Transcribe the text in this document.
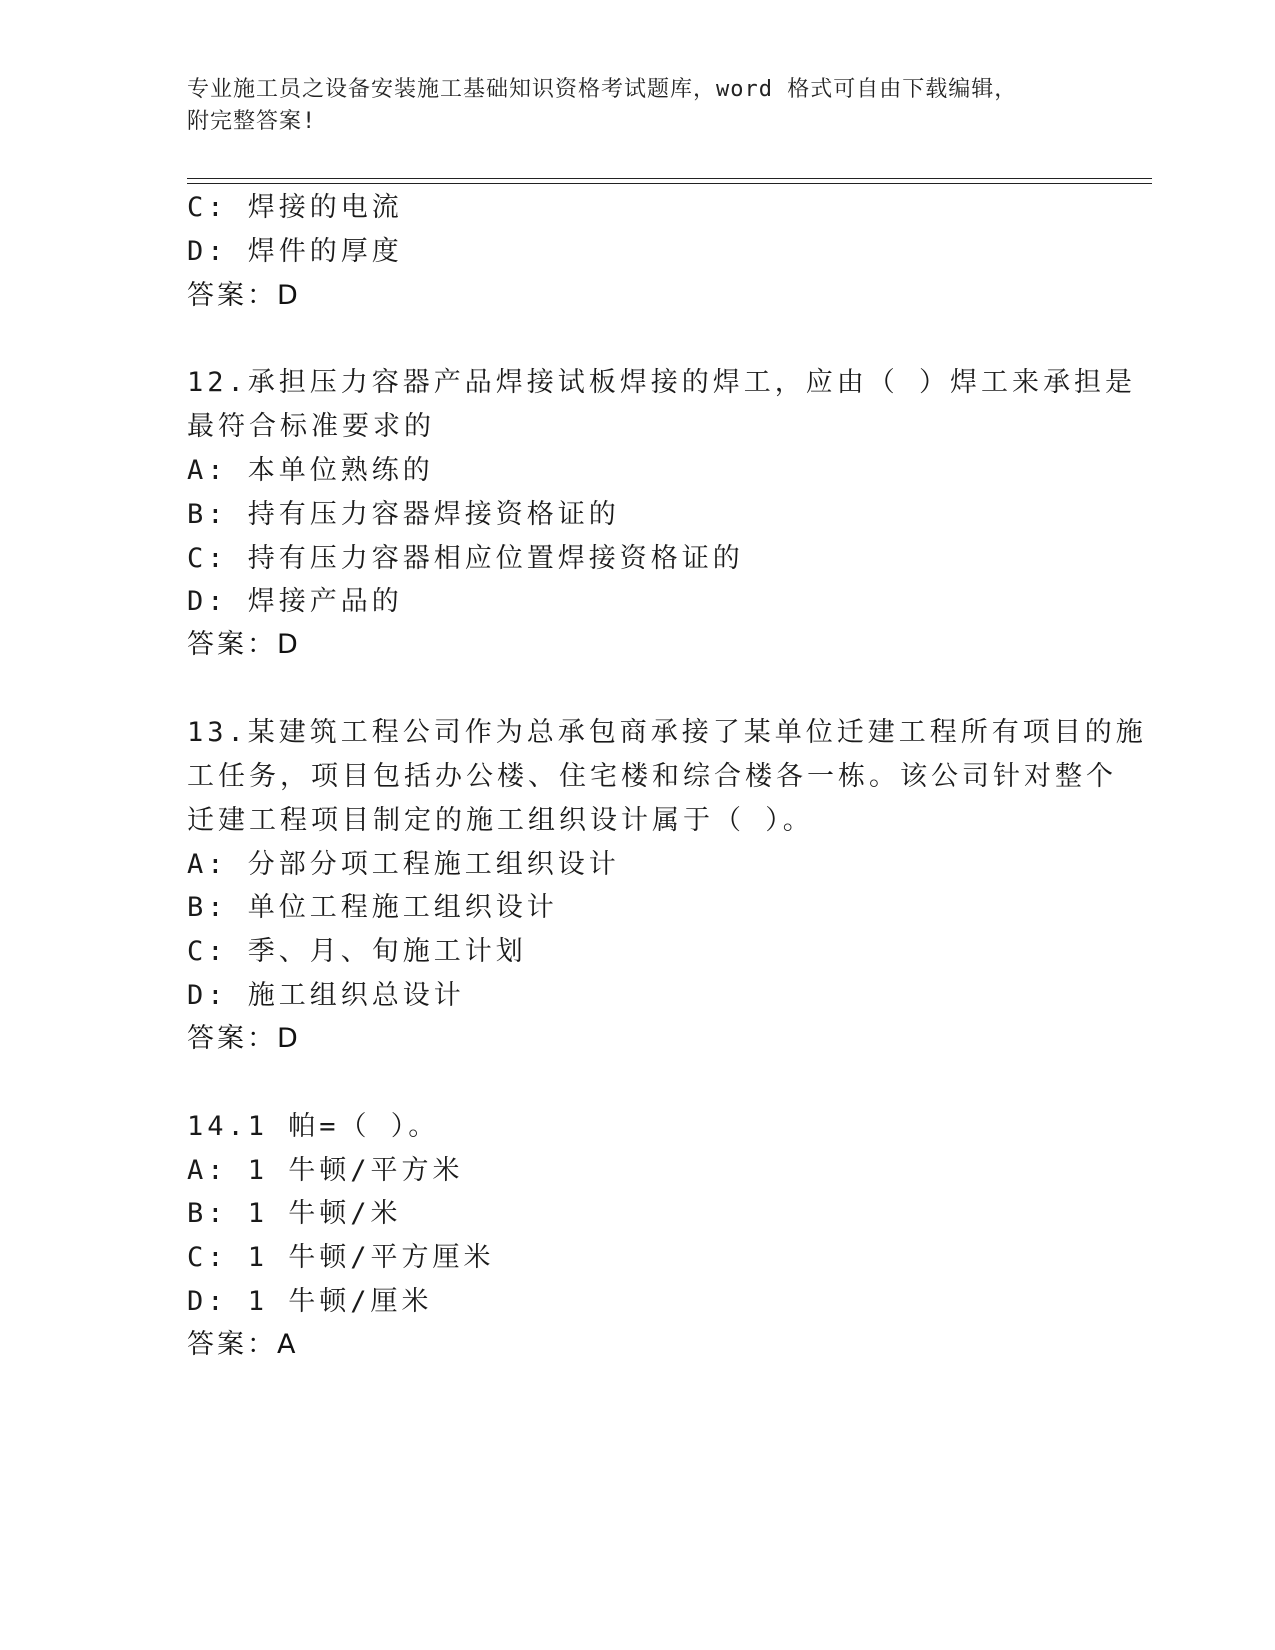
专业施工员之设备安装施工基础知识资格考试题库，word 格式可自由下载编辑，
附完整答案!
C: 焊接的电流
D: 焊件的厚度
答案：D
12.承担压力容器产品焊接试板焊接的焊工，应由（ ）焊工来承担是
最符合标准要求的
A: 本单位熟练的
B: 持有压力容器焊接资格证的
C: 持有压力容器相应位置焊接资格证的
D: 焊接产品的
答案：D
13.某建筑工程公司作为总承包商承接了某单位迁建工程所有项目的施
工任务，项目包括办公楼、住宅楼和综合楼各一栋。该公司针对整个
迁建工程项目制定的施工组织设计属于（ ）。
A: 分部分项工程施工组织设计
B: 单位工程施工组织设计
C: 季、月、旬施工计划
D: 施工组织总设计
答案：D
14.1 帕=（ ）。
A: 1 牛顿/平方米
B: 1 牛顿/米
C: 1 牛顿/平方厘米
D: 1 牛顿/厘米
答案：A
